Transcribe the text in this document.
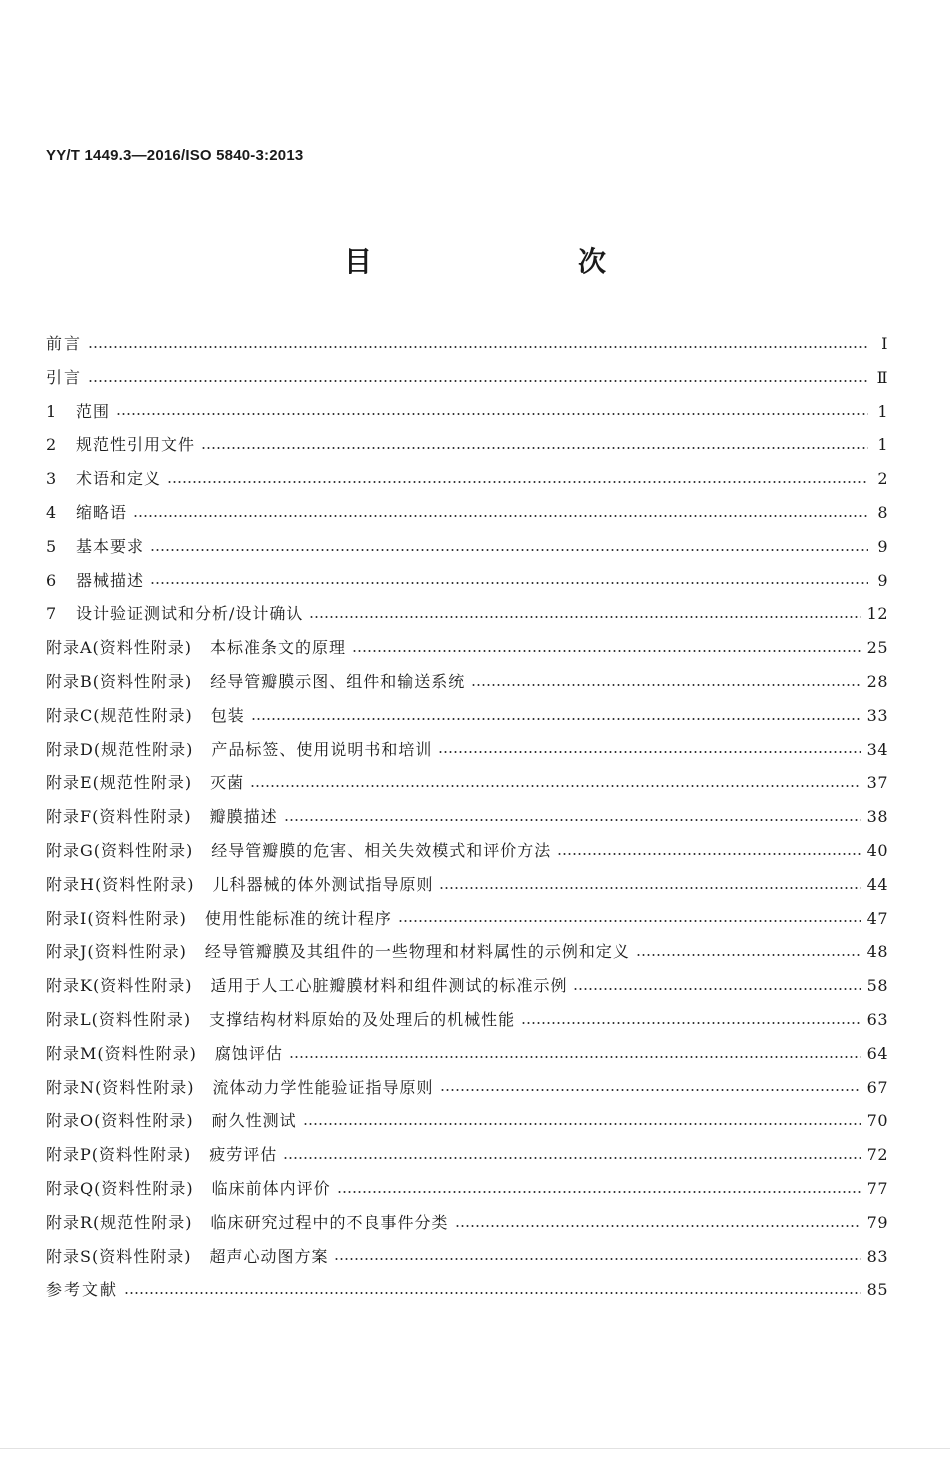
YY/T 1449.3—2016/ISO 5840-3:2013
目　　次
前言	Ⅰ
引言	Ⅱ
1 范围	1
2 规范性引用文件	1
3 术语和定义	2
4 缩略语	8
5 基本要求	9
6 器械描述	9
7 设计验证测试和分析/设计确认	12
附录A(资料性附录) 本标准条文的原理	25
附录B(资料性附录) 经导管瓣膜示图、组件和输送系统	28
附录C(规范性附录) 包装	33
附录D(规范性附录) 产品标签、使用说明书和培训	34
附录E(规范性附录) 灭菌	37
附录F(资料性附录) 瓣膜描述	38
附录G(资料性附录) 经导管瓣膜的危害、相关失效模式和评价方法	40
附录H(资料性附录) 儿科器械的体外测试指导原则	44
附录I(资料性附录) 使用性能标准的统计程序	47
附录J(资料性附录) 经导管瓣膜及其组件的一些物理和材料属性的示例和定义	48
附录K(资料性附录) 适用于人工心脏瓣膜材料和组件测试的标准示例	58
附录L(资料性附录) 支撑结构材料原始的及处理后的机械性能	63
附录M(资料性附录) 腐蚀评估	64
附录N(资料性附录) 流体动力学性能验证指导原则	67
附录O(资料性附录) 耐久性测试	70
附录P(资料性附录) 疲劳评估	72
附录Q(资料性附录) 临床前体内评价	77
附录R(规范性附录) 临床研究过程中的不良事件分类	79
附录S(资料性附录) 超声心动图方案	83
参考文献	85
